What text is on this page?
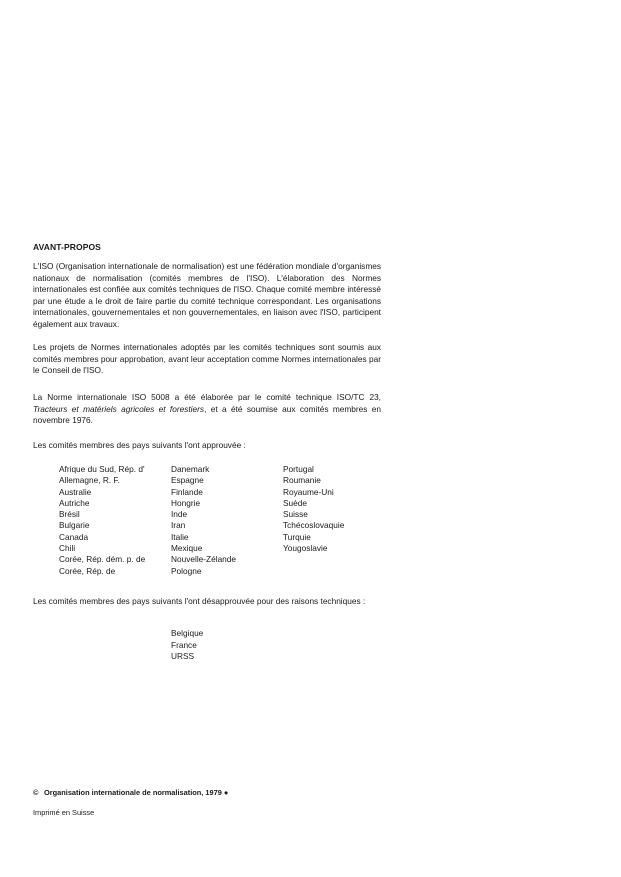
AVANT-PROPOS

L'ISO (Organisation internationale de normalisation) est une fédération mondiale d'organismes nationaux de normalisation (comités membres de l'ISO). L'élaboration des Normes internationales est confiée aux comités techniques de l'ISO. Chaque comité membre intéressé par une étude a le droit de faire partie du comité technique correspondant. Les organisations internationales, gouvernementales et non gouvernementales, en liaison avec l'ISO, participent également aux travaux.

Les projets de Normes internationales adoptés par les comités techniques sont soumis aux comités membres pour approbation, avant leur acceptation comme Normes internationales par le Conseil de l'ISO.

La Norme internationale ISO 5008 a été élaborée par le comité technique ISO/TC 23, Tracteurs et matériels agricoles et forestiers, et a été soumise aux comités membres en novembre 1976.

Les comités membres des pays suivants l'ont approuvée :

Afrique du Sud, Rép. d'
Allemagne, R. F.
Australie
Autriche
Brésil
Bulgarie
Canada
Chili
Corée, Rép. dém. p. de
Corée, Rép. de
Danemark
Espagne
Finlande
Hongrie
Inde
Iran
Italie
Mexique
Nouvelle-Zélande
Pologne
Portugal
Roumanie
Royaume-Uni
Suède
Suisse
Tchécoslovaquie
Turquie
Yougoslavie

Les comités membres des pays suivants l'ont désapprouvée pour des raisons techniques :

Belgique
France
URSS
© Organisation internationale de normalisation, 1979 ●
Imprimé en Suisse
